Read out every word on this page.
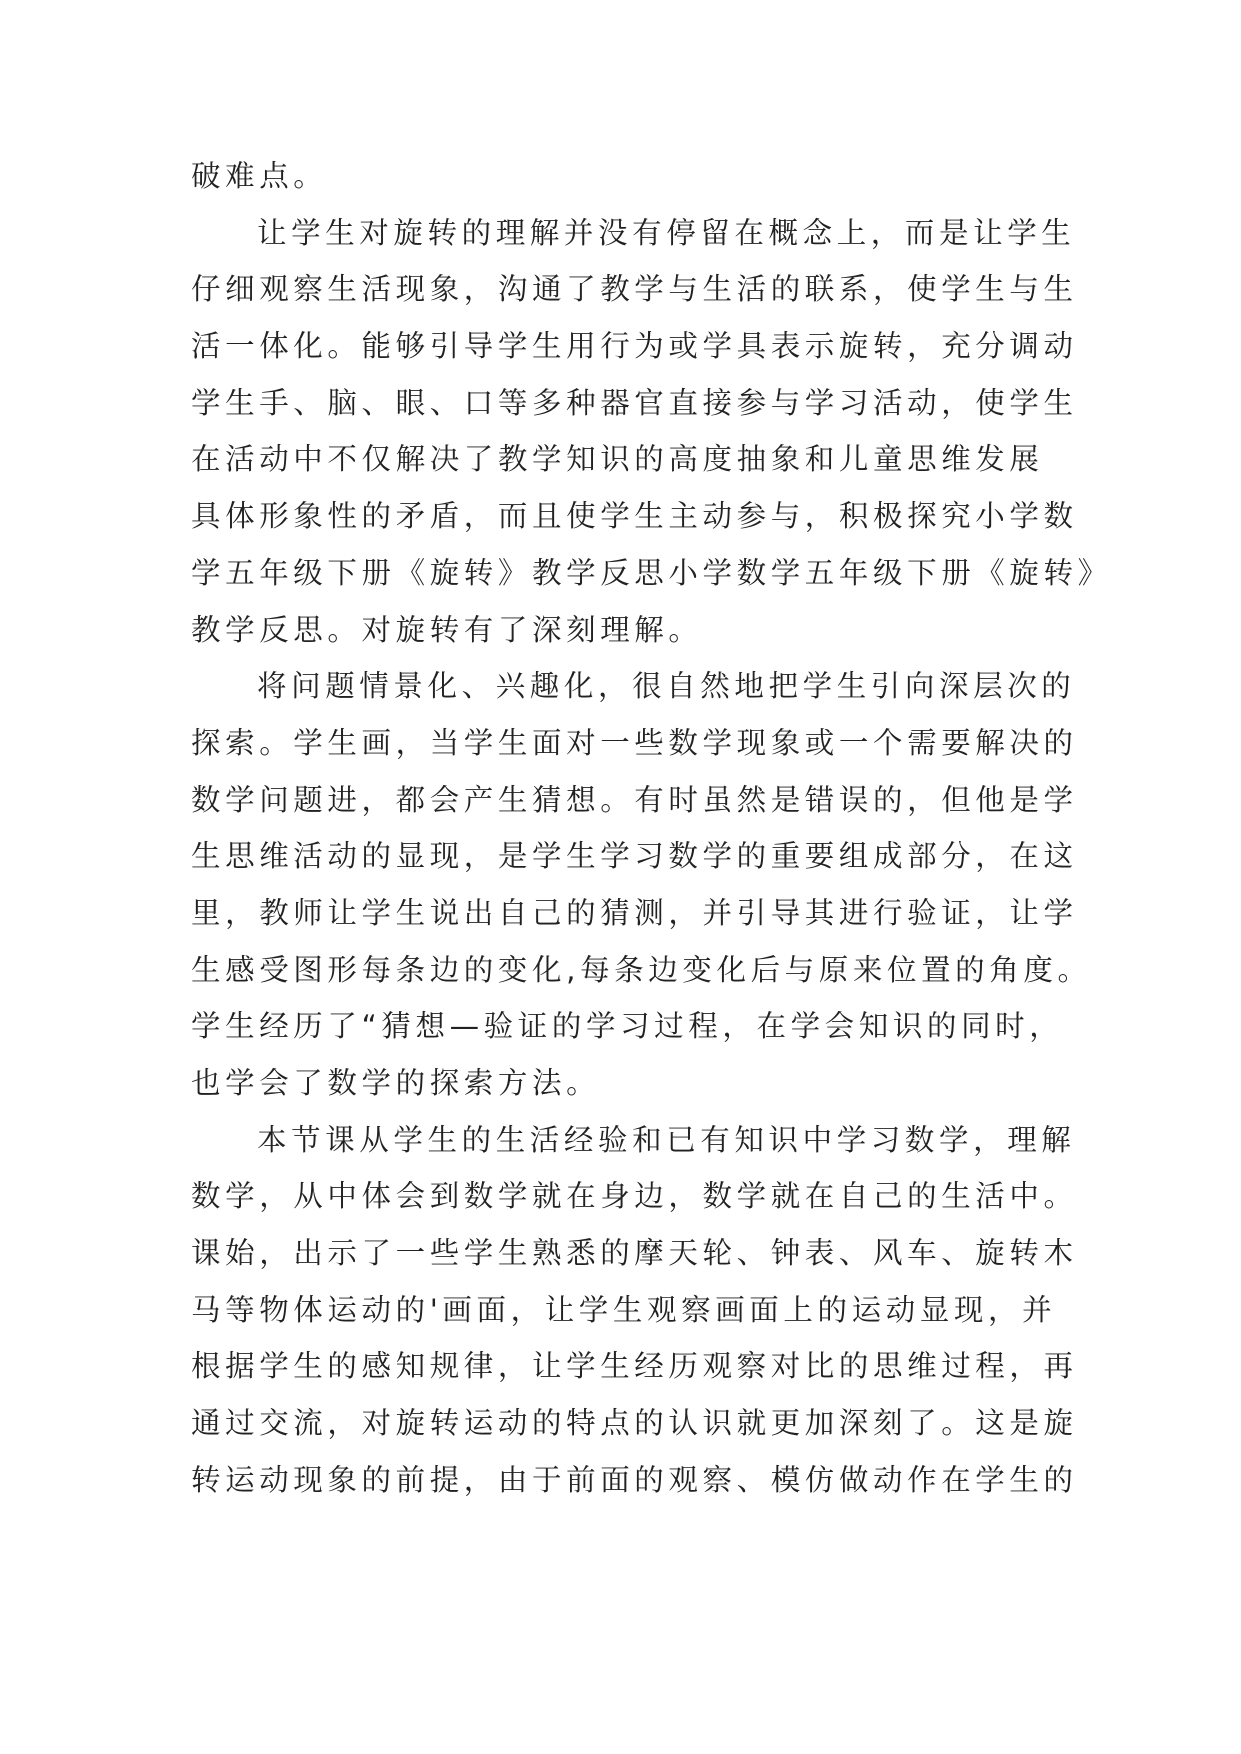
破难点。
让学生对旋转的理解并没有停留在概念上，而是让学生
仔细观察生活现象，沟通了教学与生活的联系，使学生与生
活一体化。能够引导学生用行为或学具表示旋转，充分调动
学生手、脑、眼、口等多种器官直接参与学习活动，使学生
在活动中不仅解决了教学知识的高度抽象和儿童思维发展
具体形象性的矛盾，而且使学生主动参与，积极探究小学数
学五年级下册《旋转》教学反思小学数学五年级下册《旋转》
教学反思。对旋转有了深刻理解。
将问题情景化、兴趣化，很自然地把学生引向深层次的
探索。学生画，当学生面对一些数学现象或一个需要解决的
数学问题进，都会产生猜想。有时虽然是错误的，但他是学
生思维活动的显现，是学生学习数学的重要组成部分，在这
里，教师让学生说出自己的猜测，并引导其进行验证，让学
生感受图形每条边的变化,每条边变化后与原来位置的角度。
学生经历了“猜想—验证的学习过程，在学会知识的同时，
也学会了数学的探索方法。
本节课从学生的生活经验和已有知识中学习数学，理解
数学，从中体会到数学就在身边，数学就在自己的生活中。
课始，出示了一些学生熟悉的摩天轮、钟表、风车、旋转木
马等物体运动的'画面，让学生观察画面上的运动显现，并
根据学生的感知规律，让学生经历观察对比的思维过程，再
通过交流，对旋转运动的特点的认识就更加深刻了。这是旋
转运动现象的前提，由于前面的观察、模仿做动作在学生的
